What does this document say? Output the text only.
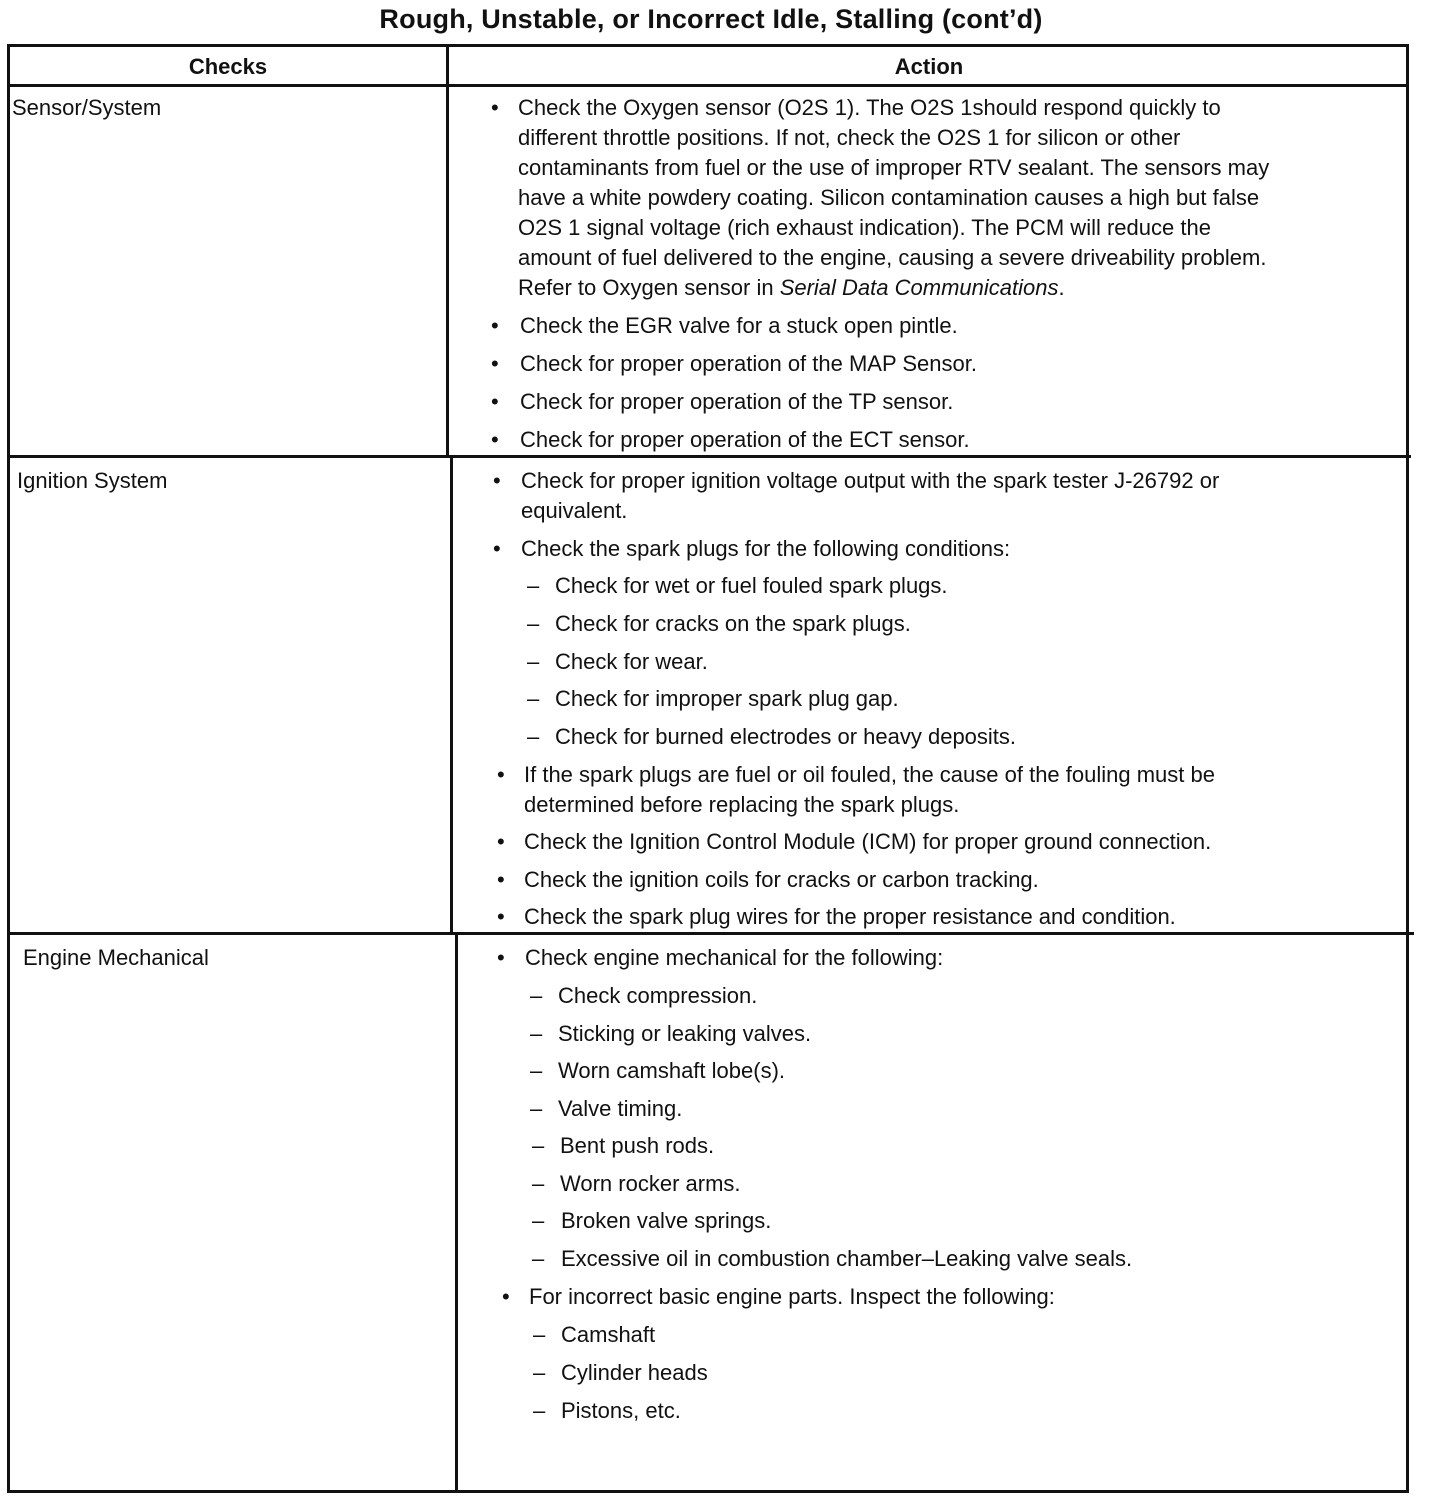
Rough, Unstable, or Incorrect Idle, Stalling (cont’d)
Checks	Action
Sensor/System	• Check the Oxygen sensor (O2S 1). The O2S 1should respond quickly to
different throttle positions. If not, check the O2S 1 for silicon or other
contaminants from fuel or the use of improper RTV sealant. The sensors may
have a white powdery coating. Silicon contamination causes a high but false
O2S 1 signal voltage (rich exhaust indication). The PCM will reduce the
amount of fuel delivered to the engine, causing a severe driveability problem.
Refer to Oxygen sensor in Serial Data Communications.
• Check the EGR valve for a stuck open pintle.
• Check for proper operation of the MAP Sensor.
• Check for proper operation of the TP sensor.
• Check for proper operation of the ECT sensor.
Ignition System	• Check for proper ignition voltage output with the spark tester J-26792 or
equivalent.
• Check the spark plugs for the following conditions:
– Check for wet or fuel fouled spark plugs.
– Check for cracks on the spark plugs.
– Check for wear.
– Check for improper spark plug gap.
– Check for burned electrodes or heavy deposits.
• If the spark plugs are fuel or oil fouled, the cause of the fouling must be
determined before replacing the spark plugs.
• Check the Ignition Control Module (ICM) for proper ground connection.
• Check the ignition coils for cracks or carbon tracking.
• Check the spark plug wires for the proper resistance and condition.
Engine Mechanical	• Check engine mechanical for the following:
– Check compression.
– Sticking or leaking valves.
– Worn camshaft lobe(s).
– Valve timing.
– Bent push rods.
– Worn rocker arms.
– Broken valve springs.
– Excessive oil in combustion chamber–Leaking valve seals.
• For incorrect basic engine parts. Inspect the following:
– Camshaft
– Cylinder heads
– Pistons, etc.
